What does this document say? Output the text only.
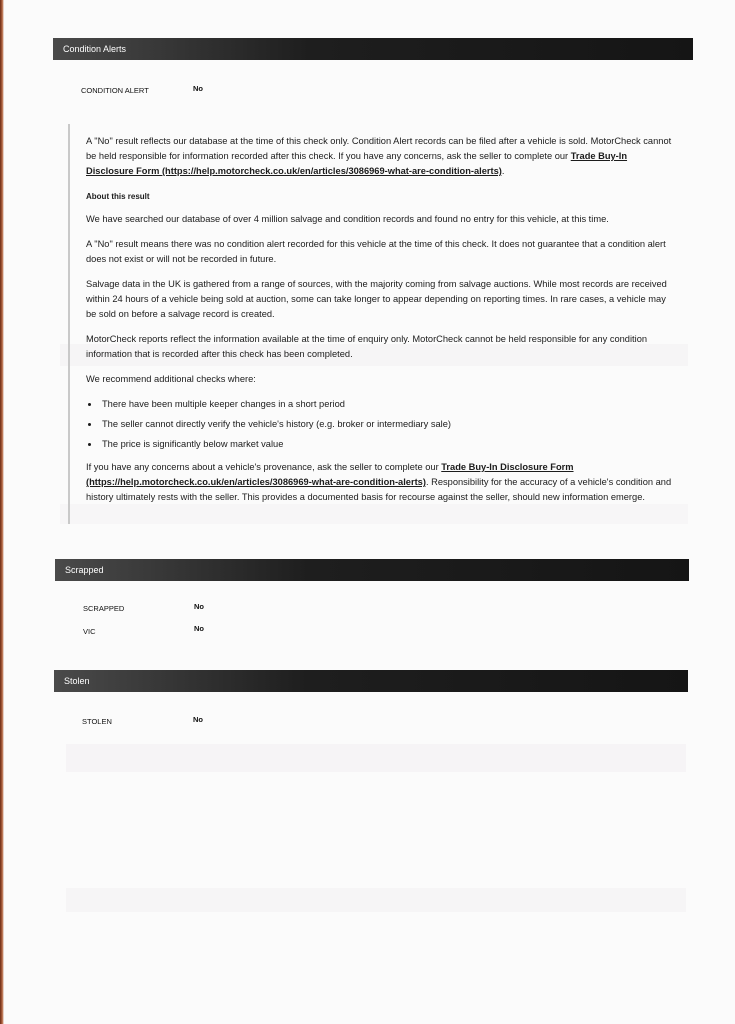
Condition Alerts
CONDITION ALERT	No

A "No" result reflects our database at the time of this check only. Condition Alert records can be filed after a vehicle is sold. MotorCheck cannot be held responsible for information recorded after this check. If you have any concerns, ask the seller to complete our Trade Buy-In Disclosure Form (https://help.motorcheck.co.uk/en/articles/3086969-what-are-condition-alerts).

About this result

We have searched our database of over 4 million salvage and condition records and found no entry for this vehicle, at this time.

A "No" result means there was no condition alert recorded for this vehicle at the time of this check. It does not guarantee that a condition alert does not exist or will not be recorded in future.

Salvage data in the UK is gathered from a range of sources, with the majority coming from salvage auctions. While most records are received within 24 hours of a vehicle being sold at auction, some can take longer to appear depending on reporting times. In rare cases, a vehicle may be sold on before a salvage record is created.

MotorCheck reports reflect the information available at the time of enquiry only. MotorCheck cannot be held responsible for any condition information that is recorded after this check has been completed.

We recommend additional checks where:

• There have been multiple keeper changes in a short period
• The seller cannot directly verify the vehicle's history (e.g. broker or intermediary sale)
• The price is significantly below market value

If you have any concerns about a vehicle's provenance, ask the seller to complete our Trade Buy-In Disclosure Form (https://help.motorcheck.co.uk/en/articles/3086969-what-are-condition-alerts). Responsibility for the accuracy of a vehicle's condition and history ultimately rests with the seller. This provides a documented basis for recourse against the seller, should new information emerge.

Scrapped
SCRAPPED	No
VIC	No
Stolen
STOLEN	No
